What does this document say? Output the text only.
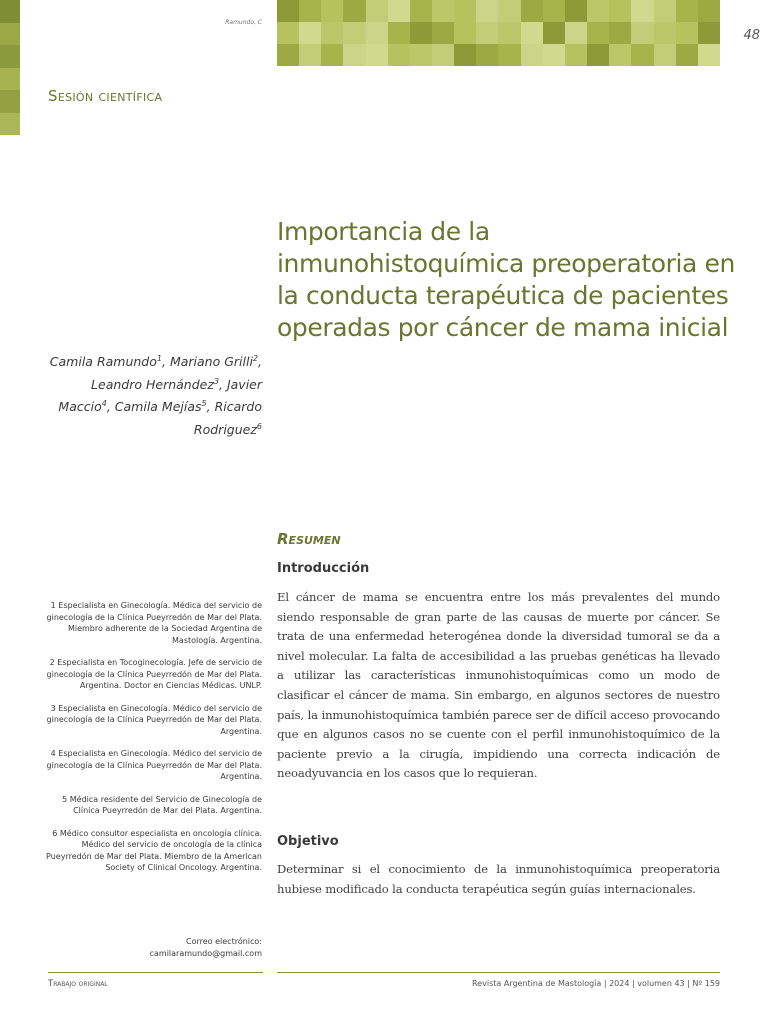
Ramundo, C
48
Sesión científica
Importancia de la inmunohistoquímica preoperatoria en la conducta terapéutica de pacientes operadas por cáncer de mama inicial
Camila Ramundo$^1$, Mariano Grilli$^2$, Leandro Hernández$^3$, Javier Maccio$^4$, Camila Mejías$^5$, Ricardo Rodriguez$^6$

1 Especialista en Ginecología. Médica del servicio de ginecología de la Clínica Pueyrredón de Mar del Plata. Miembro adherente de la Sociedad Argentina de Mastología. Argentina.

2 Especialista en Tocoginecología. Jefe de servicio de ginecología de la Clínica Pueyrredón de Mar del Plata. Argentina. Doctor en Ciencias Médicas. UNLP.

3 Especialista en Ginecología. Médico del servicio de ginecología de la Clínica Pueyrredón de Mar del Plata. Argentina.

4 Especialista en Ginecología. Médico del servicio de ginecología de la Clínica Pueyrredón de Mar del Plata. Argentina.

5 Médica residente del Servicio de Ginecología de Clínica Pueyrredón de Mar del Plata. Argentina.

6 Médico consultor especialista en oncología clínica. Médico del servicio de oncología de la clínica Pueyrredón de Mar del Plata. Miembro de la American Society of Clinical Oncology. Argentina.

Correo electrónico:
camilaramundo@gmail.com
Resumen
Introducción

El cáncer de mama se encuentra entre los más prevalentes del mundo siendo responsable de gran parte de las causas de muerte por cáncer. Se trata de una enfermedad heterogénea donde la diversidad tumoral se da a nivel molecular. La falta de accesibilidad a las pruebas genéticas ha llevado a utilizar las características inmunohistoquímicas como un modo de clasificar el cáncer de mama. Sin embargo, en algunos sectores de nuestro país, la inmunohistoquímica también parece ser de difícil acceso provocando que en algunos casos no se cuente con el perfil inmunohistoquímico de la paciente previo a la cirugía, impidiendo una correcta indicación de neoadyuvancia en los casos que lo requieran.

Objetivo

Determinar si el conocimiento de la inmunohistoquímica preoperatoria hubiese modificado la conducta terapéutica según guías internacionales.

Trabajo original	Revista Argentina de Mastología | 2024 | volumen 43 | Nº 159
